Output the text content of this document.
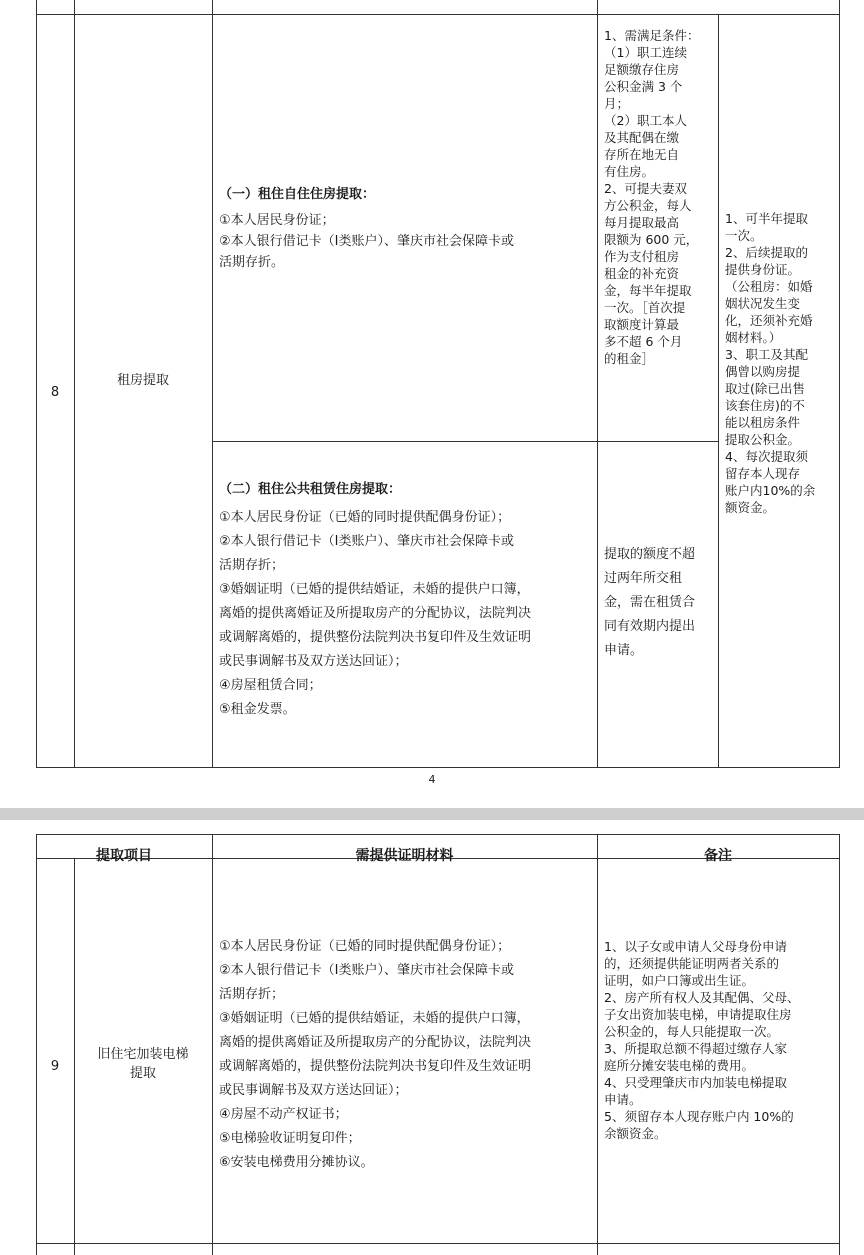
8
租房提取
（一）租住自住住房提取：
①本人居民身份证；
②本人银行借记卡（Ⅰ类账户）、肇庆市社会保障卡或
活期存折。
1、需满足条件：
（1）职工连续
足额缴存住房
公积金满 3 个
月；
（2）职工本人
及其配偶在缴
存所在地无自
有住房。
2、可提夫妻双
方公积金，每人
每月提取最高
限额为 600 元，
作为支付租房
租金的补充资
金，每半年提取
一次。［首次提
取额度计算最
多不超 6 个月
的租金］
1、可半年提取
一次。
2、后续提取的
提供身份证。
（公租房：如婚
姻状况发生变
化，还须补充婚
姻材料。）
3、职工及其配
偶曾以购房提
取过(除已出售
该套住房)的不
能以租房条件
提取公积金。
4、每次提取须
留存本人现存
账户内10%的余
额资金。
（二）租住公共租赁住房提取：
①本人居民身份证（已婚的同时提供配偶身份证）；
②本人银行借记卡（Ⅰ类账户）、肇庆市社会保障卡或
活期存折；
③婚姻证明（已婚的提供结婚证，未婚的提供户口簿，
离婚的提供离婚证及所提取房产的分配协议，法院判决
或调解离婚的，提供整份法院判决书复印件及生效证明
或民事调解书及双方送达回证）；
④房屋租赁合同；
⑤租金发票。
提取的额度不超
过两年所交租
金，需在租赁合
同有效期内提出
申请。
4
提取项目	需提供证明材料	备注
9
旧住宅加装电梯
提取
①本人居民身份证（已婚的同时提供配偶身份证）；
②本人银行借记卡（Ⅰ类账户）、肇庆市社会保障卡或
活期存折；
③婚姻证明（已婚的提供结婚证，未婚的提供户口簿，
离婚的提供离婚证及所提取房产的分配协议，法院判决
或调解离婚的，提供整份法院判决书复印件及生效证明
或民事调解书及双方送达回证）；
④房屋不动产权证书；
⑤电梯验收证明复印件；
⑥安装电梯费用分摊协议。
1、以子女或申请人父母身份申请
的，还须提供能证明两者关系的
证明，如户口簿或出生证。
2、房产所有权人及其配偶、父母、
子女出资加装电梯，申请提取住房
公积金的，每人只能提取一次。
3、所提取总额不得超过缴存人家
庭所分摊安装电梯的费用。
4、只受理肇庆市内加装电梯提取
申请。
5、须留存本人现存账户内 10%的
余额资金。
